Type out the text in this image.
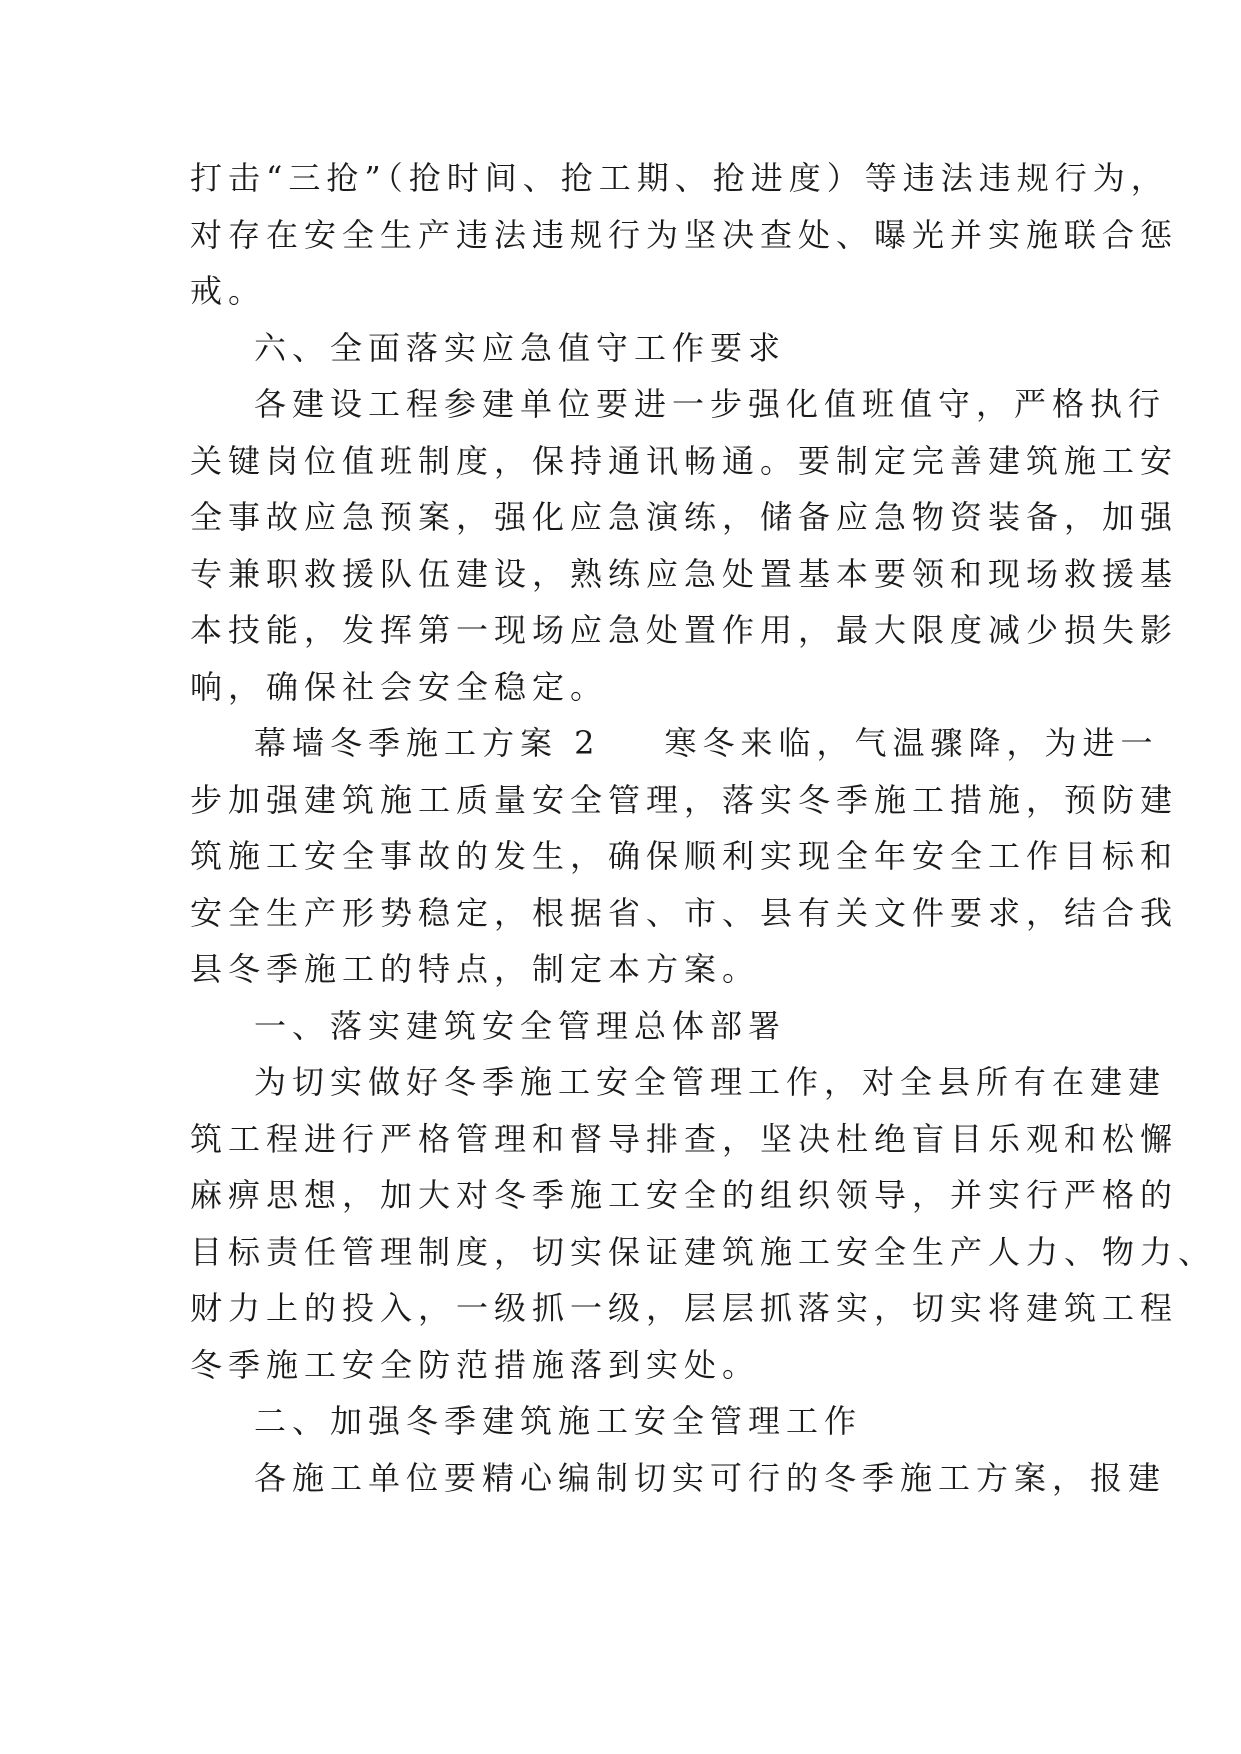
打击“三抢”（抢时间、抢工期、抢进度）等违法违规行为，
对存在安全生产违法违规行为坚决查处、曝光并实施联合惩
戒。
六、全面落实应急值守工作要求
各建设工程参建单位要进一步强化值班值守，严格执行
关键岗位值班制度，保持通讯畅通。要制定完善建筑施工安
全事故应急预案，强化应急演练，储备应急物资装备，加强
专兼职救援队伍建设，熟练应急处置基本要领和现场救援基
本技能，发挥第一现场应急处置作用，最大限度减少损失影
响，确保社会安全稳定。
幕墙冬季施工方案 2 寒冬来临，气温骤降，为进一
步加强建筑施工质量安全管理，落实冬季施工措施，预防建
筑施工安全事故的发生，确保顺利实现全年安全工作目标和
安全生产形势稳定，根据省、市、县有关文件要求，结合我
县冬季施工的特点，制定本方案。
一、落实建筑安全管理总体部署
为切实做好冬季施工安全管理工作，对全县所有在建建
筑工程进行严格管理和督导排查，坚决杜绝盲目乐观和松懈
麻痹思想，加大对冬季施工安全的组织领导，并实行严格的
目标责任管理制度，切实保证建筑施工安全生产人力、物力、
财力上的投入，一级抓一级，层层抓落实，切实将建筑工程
冬季施工安全防范措施落到实处。
二、加强冬季建筑施工安全管理工作
各施工单位要精心编制切实可行的冬季施工方案，报建
